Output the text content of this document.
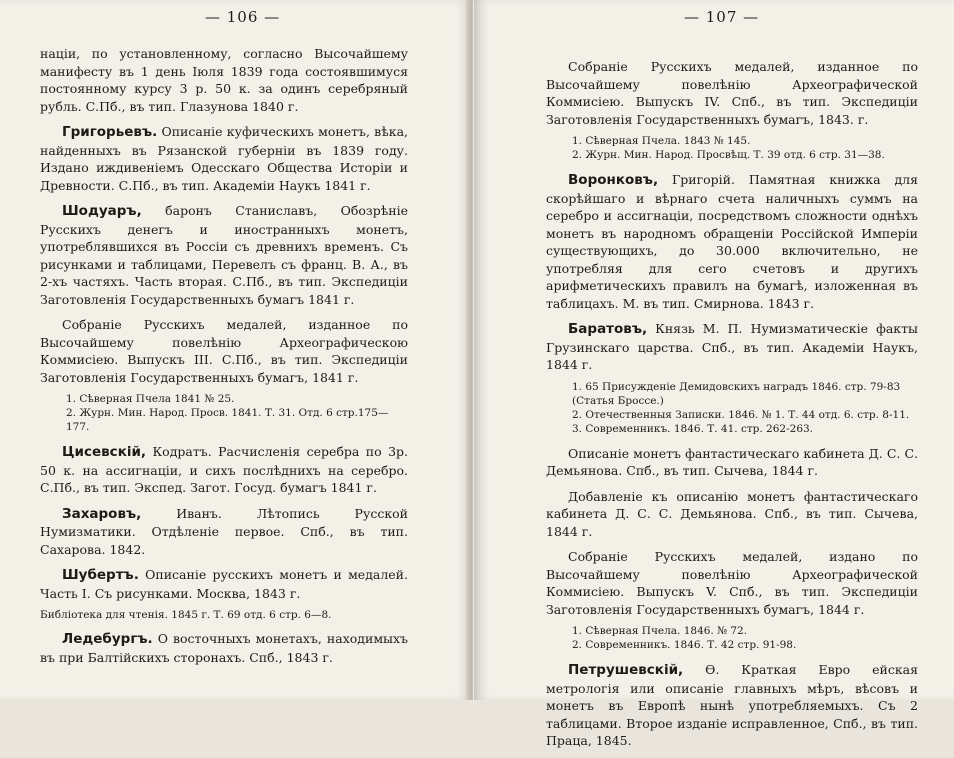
— 106 —

націи, по установленному, согласно Высочайшему манифесту въ 1 день Іюля 1839 года состоявшимуся постоянному курсу 3 р. 50 к. за одинъ серебряный рубль. С.Пб., въ тип. Глазунова 1840 г.

Григорьевъ. Описаніе куфическихъ монетъ, вѣка, найденныхъ въ Рязанской губерніи въ 1839 году. Издано иждивеніемъ Одесскаго Общества Исторіи и Древности. С.Пб., въ тип. Академіи Наукъ 1841 г.

Шодуаръ, баронъ Станиславъ, Обозрѣніе Русскихъ денегъ и иностранныхъ монетъ, употреблявшихся въ Россіи съ древнихъ временъ. Съ рисунками и таблицами, Перевелъ съ франц. В. А., въ 2-хъ частяхъ. Часть вторая. С.Пб., въ тип. Экспедиціи Заготовленія Государственныхъ бумагъ 1841 г.

Собраніе Русскихъ медалей, изданное по Высочайшему повелѣнію Археографическою Коммисіею. Выпускъ III. С.Пб., въ тип. Экспедиціи Заготовленія Государственныхъ бумагъ, 1841 г.

1. Сѣверная Пчела 1841 № 25.
2. Журн. Мин. Народ. Просв. 1841. Т. 31. Отд. 6 стр.175—177.

Цисевскій, Кодратъ. Расчисленія серебра по 3р. 50 к. на ассигнаціи, и сихъ послѣднихъ на серебро. С.Пб., въ тип. Экспед. Загот. Госуд. бумагъ 1841 г.

Захаровъ, Иванъ. Лѣтопись Русской Нумизматики. Отдѣленіе первое. Спб., въ тип. Сахарова. 1842.

Шубертъ. Описаніе русскихъ монетъ и медалей. Часть I. Съ рисунками. Москва, 1843 г.

Библіотека для чтенія. 1845 г. Т. 69 отд. 6 стр. 6—8.

Ледебургъ. О восточныхъ монетахъ, находимыхъ въ при Балтійскихъ сторонахъ. Спб., 1843 г.

— 107 —

Собраніе Русскихъ медалей, изданное по Высочайшему повелѣнію Археографической Коммисіею. Выпускъ IV. Спб., въ тип. Экспедиціи Заготовленія Государственныхъ бумагъ, 1843. г.

1. Сѣверная Пчела. 1843 № 145.
2. Журн. Мин. Народ. Просвѣщ. Т. 39 отд. 6 стр. 31—38.

Воронковъ, Григорій. Памятная книжка для скорѣйшаго и вѣрнаго счета наличныхъ суммъ на серебро и ассигнаціи, посредствомъ сложности однѣхъ монетъ въ народномъ обращеніи Россійской Имперіи существующихъ, до 30.000 включительно, не употребляя для сего счетовъ и другихъ арифметическихъ правилъ на бумагѣ, изложенная въ таблицахъ. М. въ тип. Смирнова. 1843 г.

Баратовъ, Князь М. П. Нумизматическіе факты Грузинскаго царства. Спб., въ тип. Академіи Наукъ, 1844 г.

1. 65 Присужденіе Демидовскихъ наградъ 1846. стр. 79-83 (Статья Броссе.)
2. Отечественныя Записки. 1846. № 1. Т. 44 отд. 6. стр. 8-11.
3. Современникъ. 1846. Т. 41. стр. 262-263.

Описаніе монетъ фантастическаго кабинета Д. С. С. Демьянова. Спб., въ тип. Сычева, 1844 г.

Добавленіе къ описанію монетъ фантастическаго кабинета Д. С. С. Демьянова. Спб., въ тип. Сычева, 1844 г.

Собраніе Русскихъ медалей, издано по Высочайшему повелѣнію Археографической Коммисіею. Выпускъ V. Спб., въ тип. Экспедиціи Заготовленія Государственныхъ бумагъ, 1844 г.

1. Сѣверная Пчела. 1846. № 72.
2. Современникъ. 1846. Т. 42 стр. 91-98.

Петрушевскій, Ѳ. Краткая Евро ейская метрологія или описаніе главныхъ мѣръ, вѣсовъ и монетъ въ Европѣ нынѣ употребляемыхъ. Съ 2 таблицами. Второе изданіе исправленное, Спб., въ тип. Праца, 1845.
